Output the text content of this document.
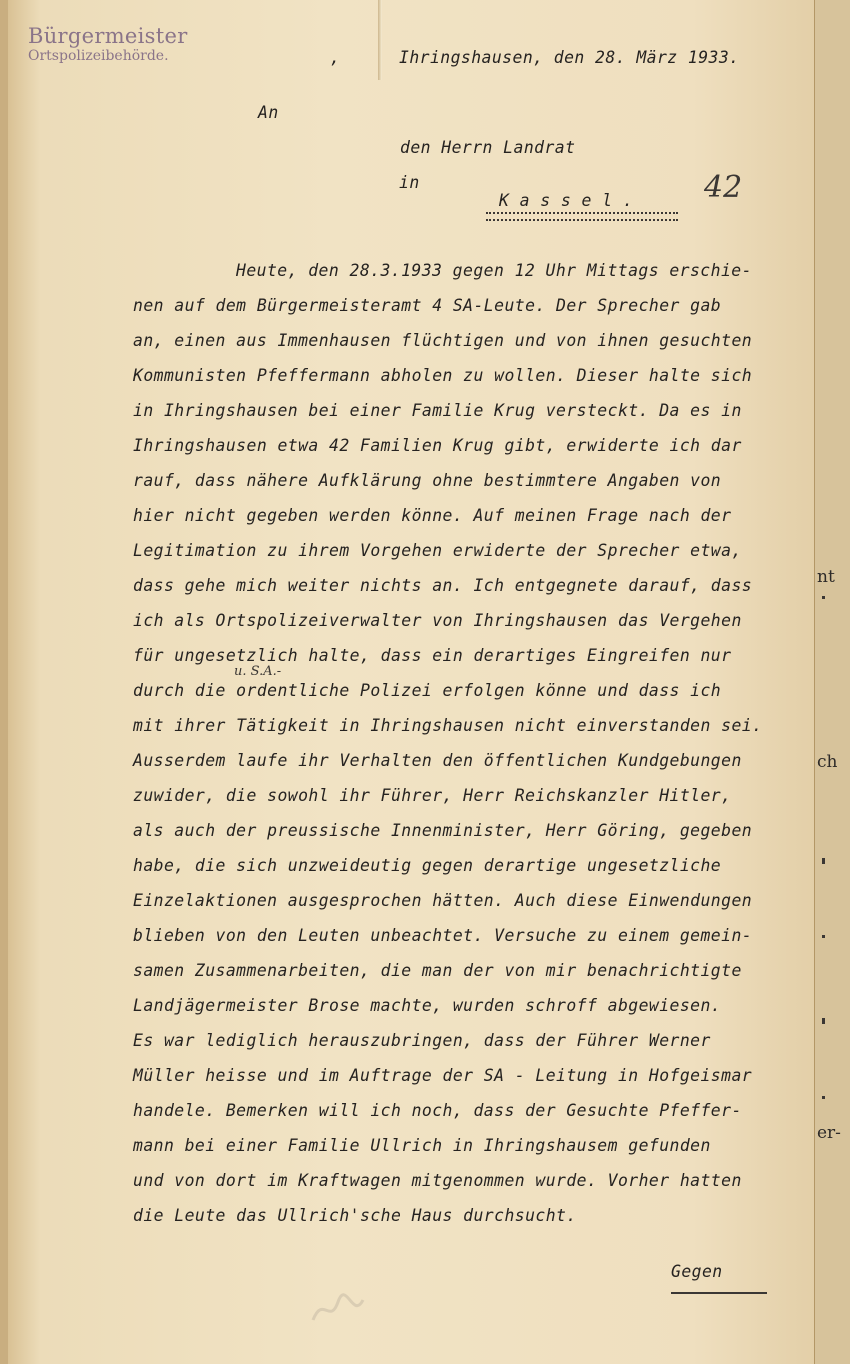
nt
ch
er-
Bürgermeister
Ortspolizeibehörde.

	,	Ihringshausen, den 28. März 1933.
An
den Herrn Landrat
in
K a s s e l . 42
Heute, den 28.3.1933 gegen 12 Uhr Mittags erschie-
nen auf dem Bürgermeisteramt 4 SA-Leute. Der Sprecher gab
an, einen aus Immenhausen flüchtigen und von ihnen gesuchten
Kommunisten Pfeffermann abholen zu wollen. Dieser halte sich
in Ihringshausen bei einer Familie Krug versteckt. Da es in
Ihringshausen etwa 42 Familien Krug gibt, erwiderte ich dar
rauf, dass nähere Aufklärung ohne bestimmtere Angaben von
hier nicht gegeben werden könne. Auf meinen Frage nach der
Legitimation zu ihrem Vorgehen erwiderte der Sprecher etwa,
dass gehe mich weiter nichts an. Ich entgegnete darauf, dass
ich als Ortspolizeiverwalter von Ihringshausen das Vergehen
für ungesetzlich halte, dass ein derartiges Eingreifen nur
durch die ordentliche Polizei erfolgen könne und dass ich
mit ihrer Tätigkeit in Ihringshausen nicht einverstanden sei.
Ausserdem laufe ihr Verhalten den öffentlichen Kundgebungen
zuwider, die sowohl ihr Führer, Herr Reichskanzler Hitler,
als auch der preussische Innenminister, Herr Göring, gegeben
habe, die sich unzweideutig gegen derartige ungesetzliche
Einzelaktionen ausgesprochen hätten. Auch diese Einwendungen
blieben von den Leuten unbeachtet. Versuche zu einem gemein-
samen Zusammenarbeiten, die man der von mir benachrichtigte
Landjägermeister Brose machte, wurden schroff abgewiesen.
Es war lediglich herauszubringen, dass der Führer Werner
Müller heisse und im Auftrage der SA - Leitung in Hofgeismar
handele. Bemerken will ich noch, dass der Gesuchte Pfeffer-
mann bei einer Familie Ullrich in Ihringshausem gefunden
und von dort im Kraftwagen mitgenommen wurde. Vorher hatten
die Leute das Ullrich'sche Haus durchsucht.
u. S.A.-
Gegen
